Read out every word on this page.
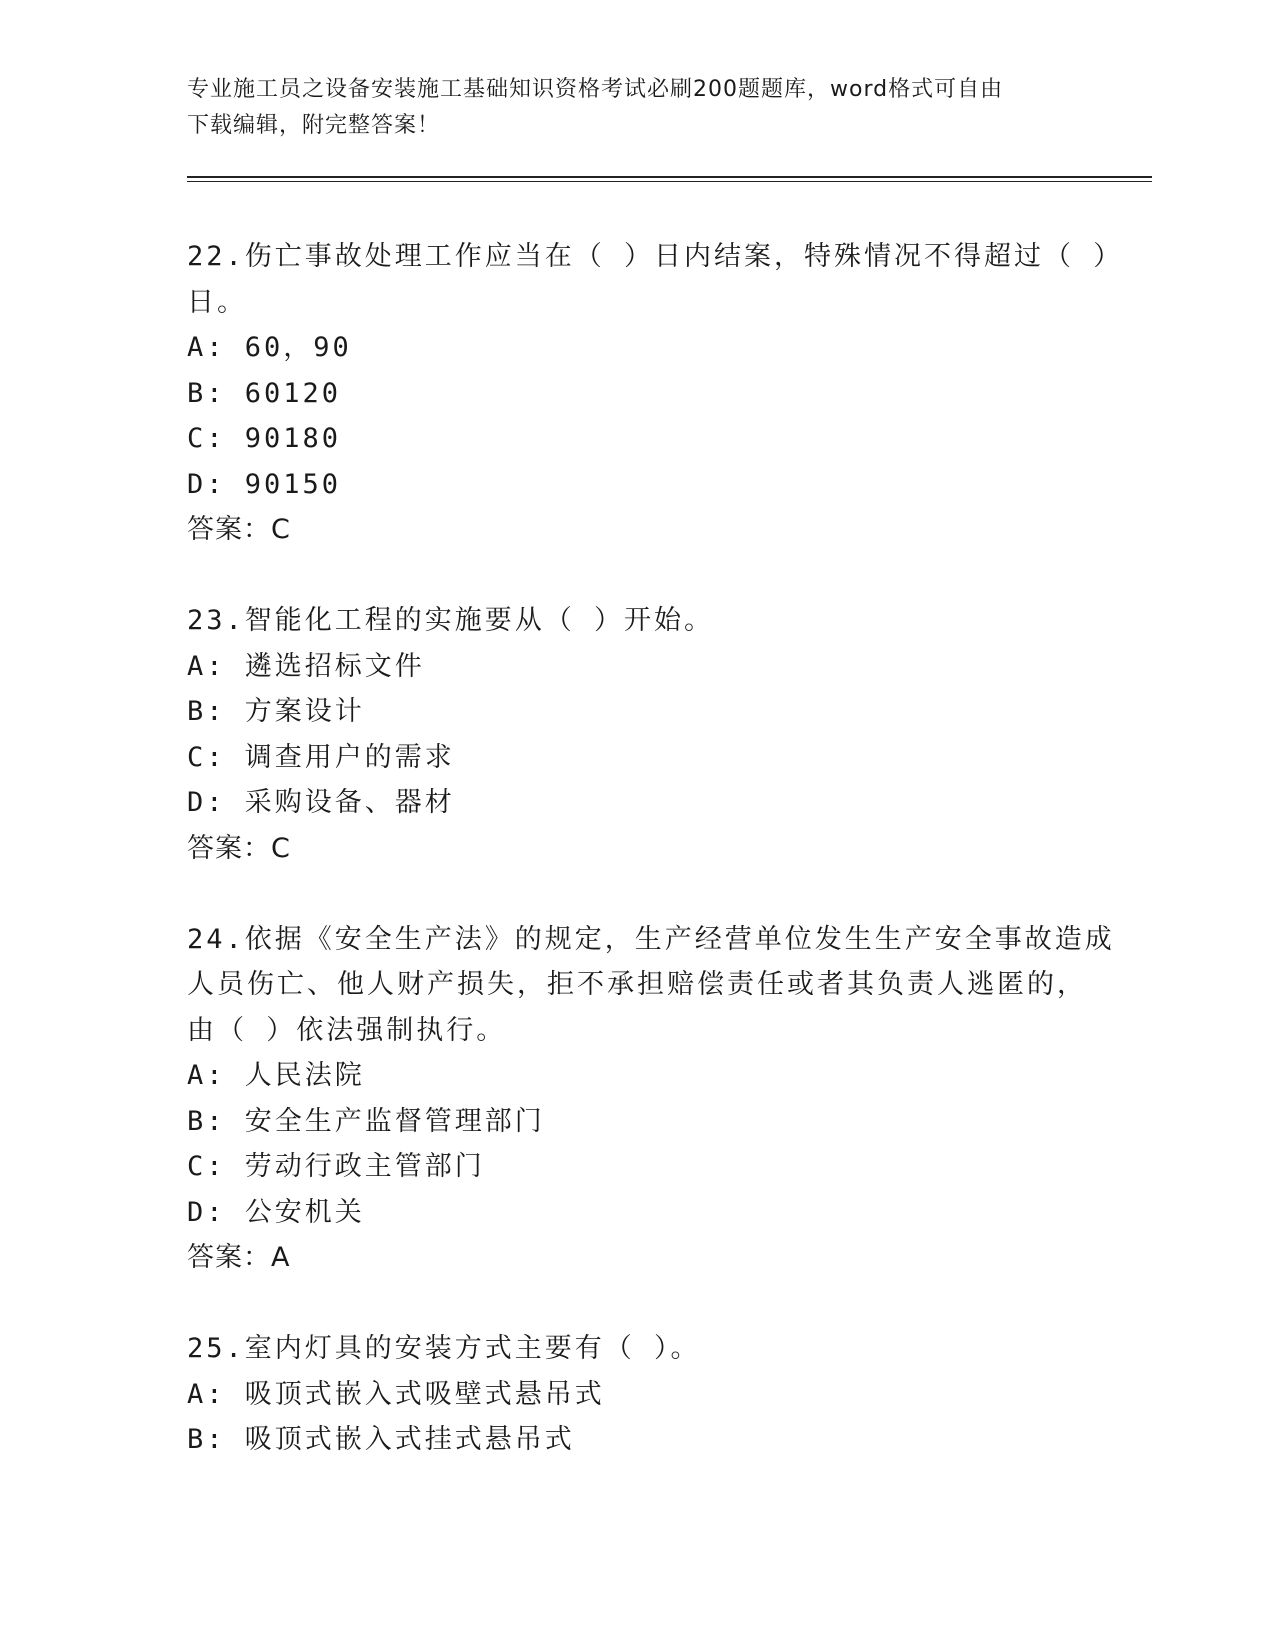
专业施工员之设备安装施工基础知识资格考试必刷200题题库，word格式可自由
下载编辑，附完整答案！
22.伤亡事故处理工作应当在（ ）日内结案，特殊情况不得超过（ ）
日。
A: 60，90
B: 60120
C: 90180
D: 90150
答案：C
23.智能化工程的实施要从（ ）开始。
A: 遴选招标文件
B: 方案设计
C: 调查用户的需求
D: 采购设备、器材
答案：C
24.依据《安全生产法》的规定，生产经营单位发生生产安全事故造成
人员伤亡、他人财产损失，拒不承担赔偿责任或者其负责人逃匿的，
由（ ）依法强制执行。
A: 人民法院
B: 安全生产监督管理部门
C: 劳动行政主管部门
D: 公安机关
答案：A
25.室内灯具的安装方式主要有（ ）。
A: 吸顶式嵌入式吸壁式悬吊式
B: 吸顶式嵌入式挂式悬吊式
